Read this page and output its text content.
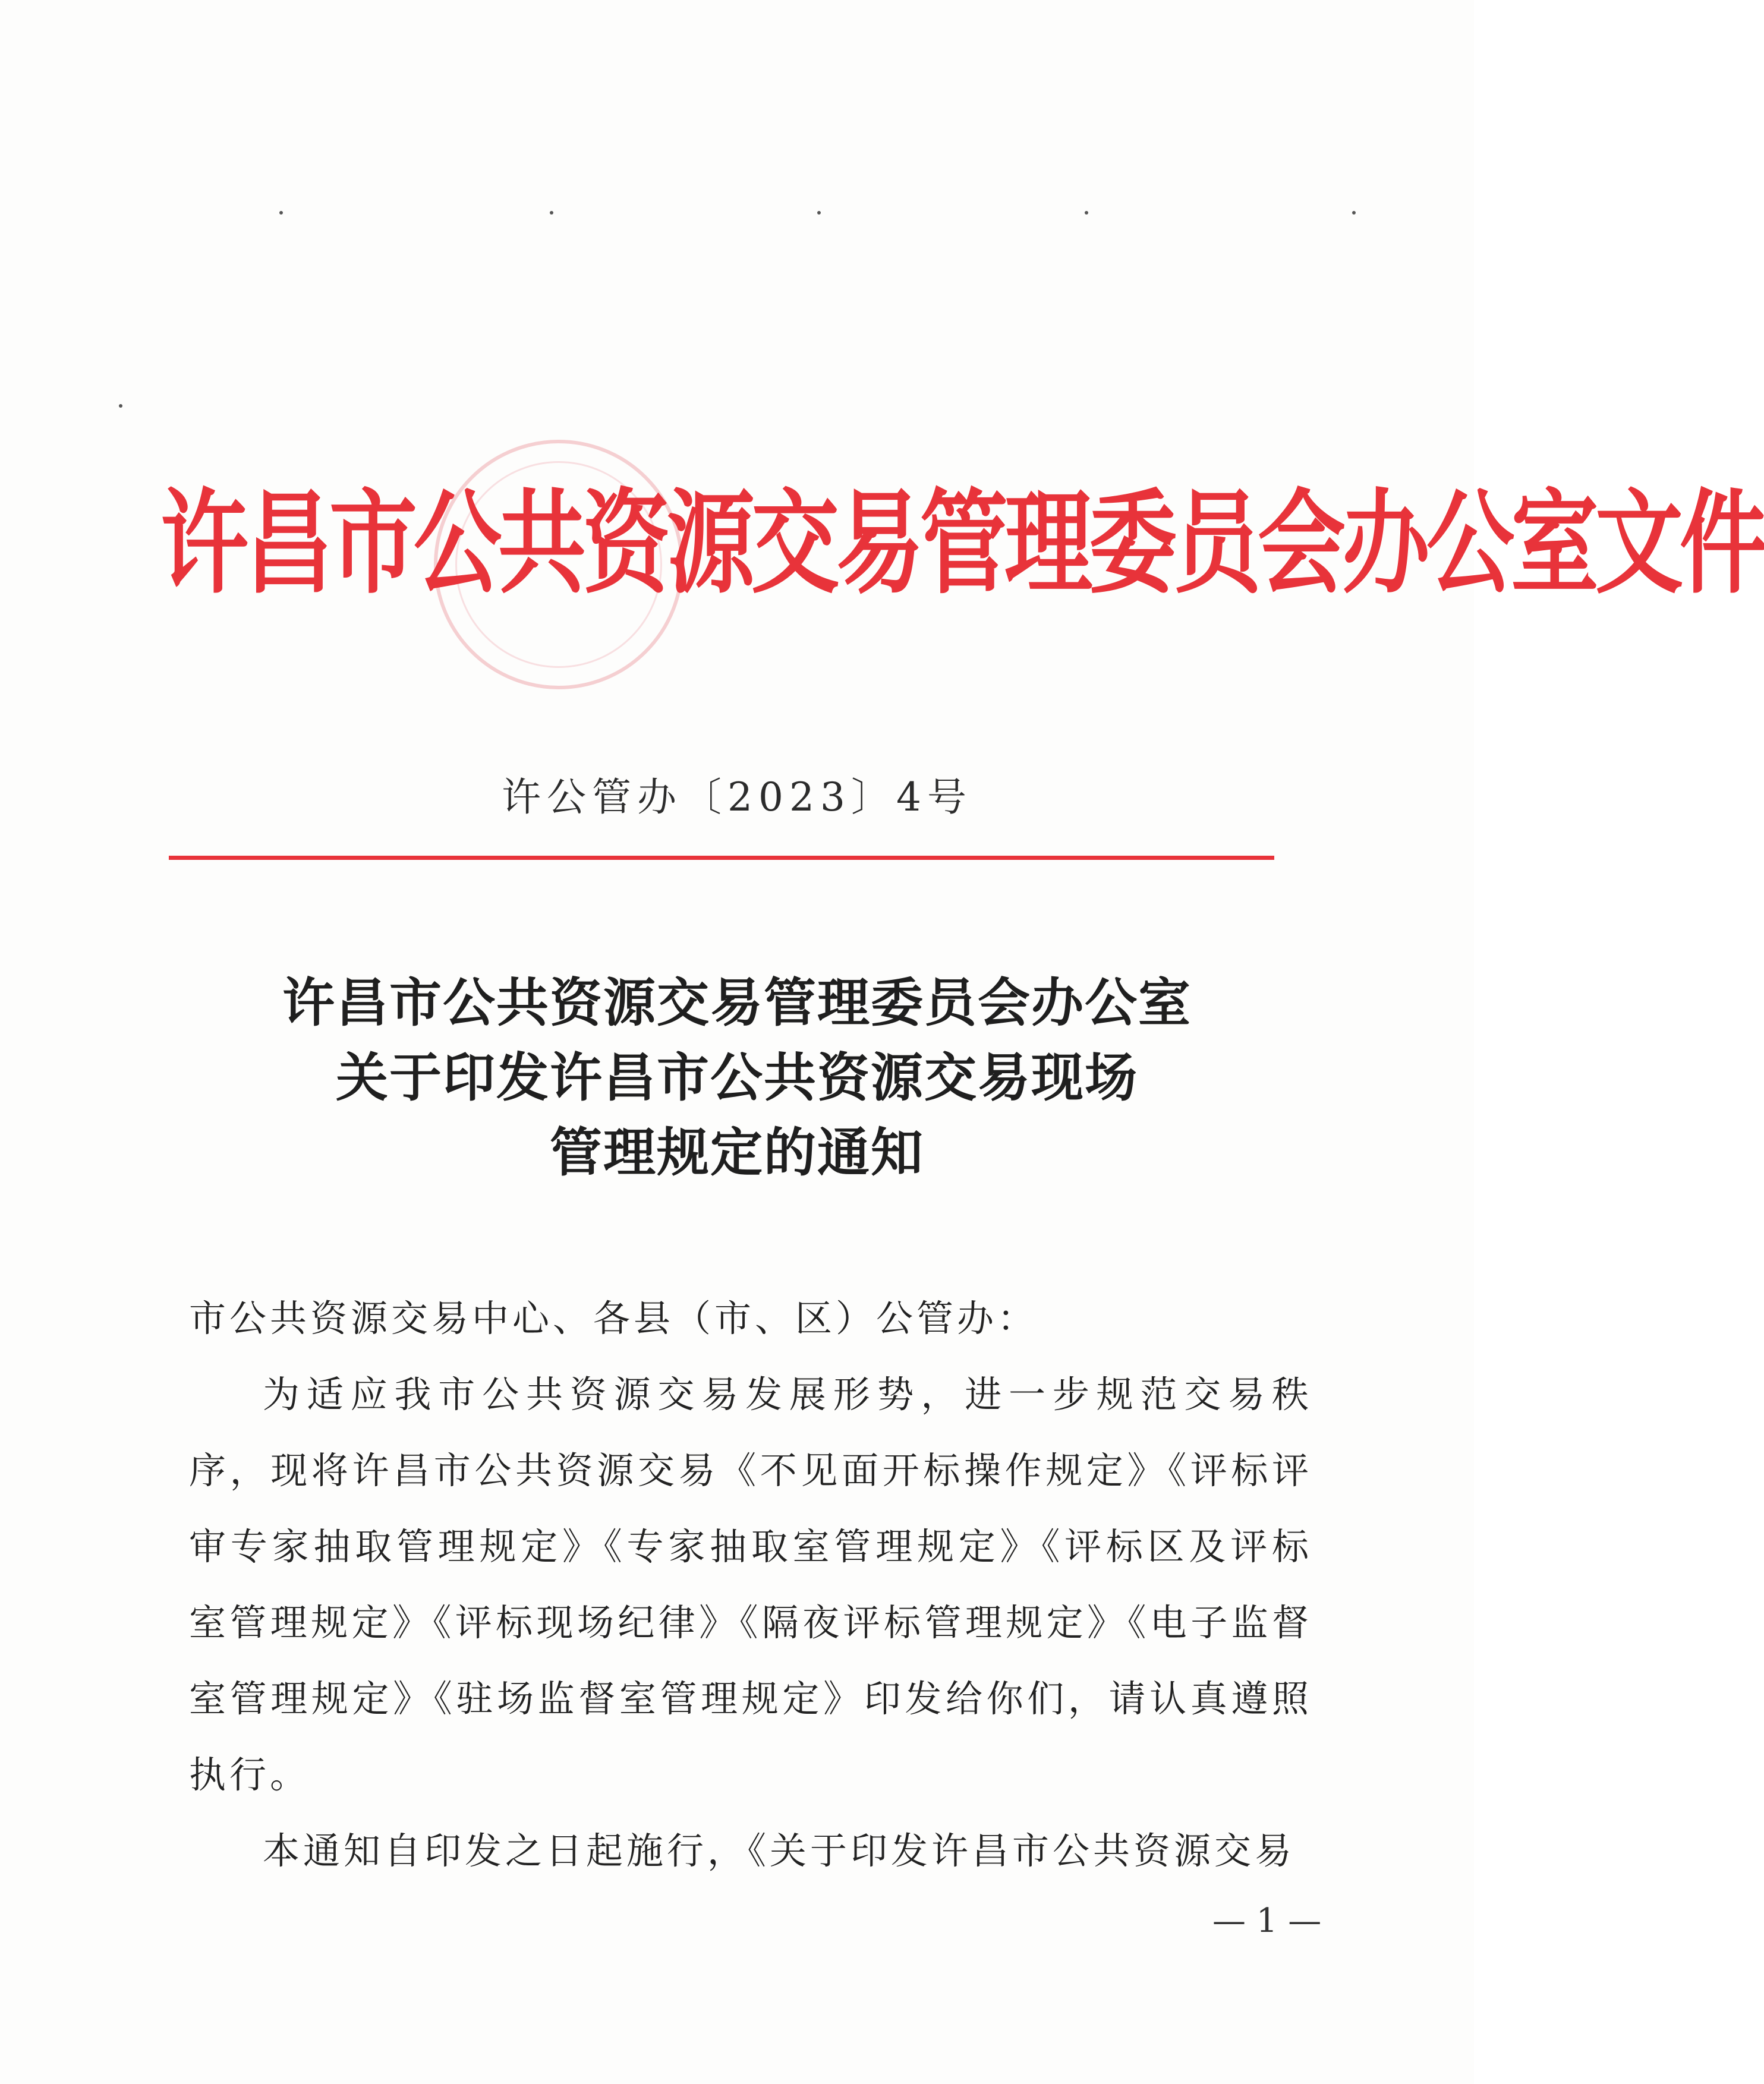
许昌市公共资源交易管理委员会办公室文件
许公管办〔2023〕4号
许昌市公共资源交易管理委员会办公室
关于印发许昌市公共资源交易现场
管理规定的通知
市公共资源交易中心、各县（市、区）公管办：
为适应我市公共资源交易发展形势，进一步规范交易秩序，现将许昌市公共资源交易《不见面开标操作规定》《评标评审专家抽取管理规定》《专家抽取室管理规定》《评标区及评标室管理规定》《评标现场纪律》《隔夜评标管理规定》《电子监督室管理规定》《驻场监督室管理规定》印发给你们，请认真遵照执行。
本通知自印发之日起施行，《关于印发许昌市公共资源交易
— 1 —
